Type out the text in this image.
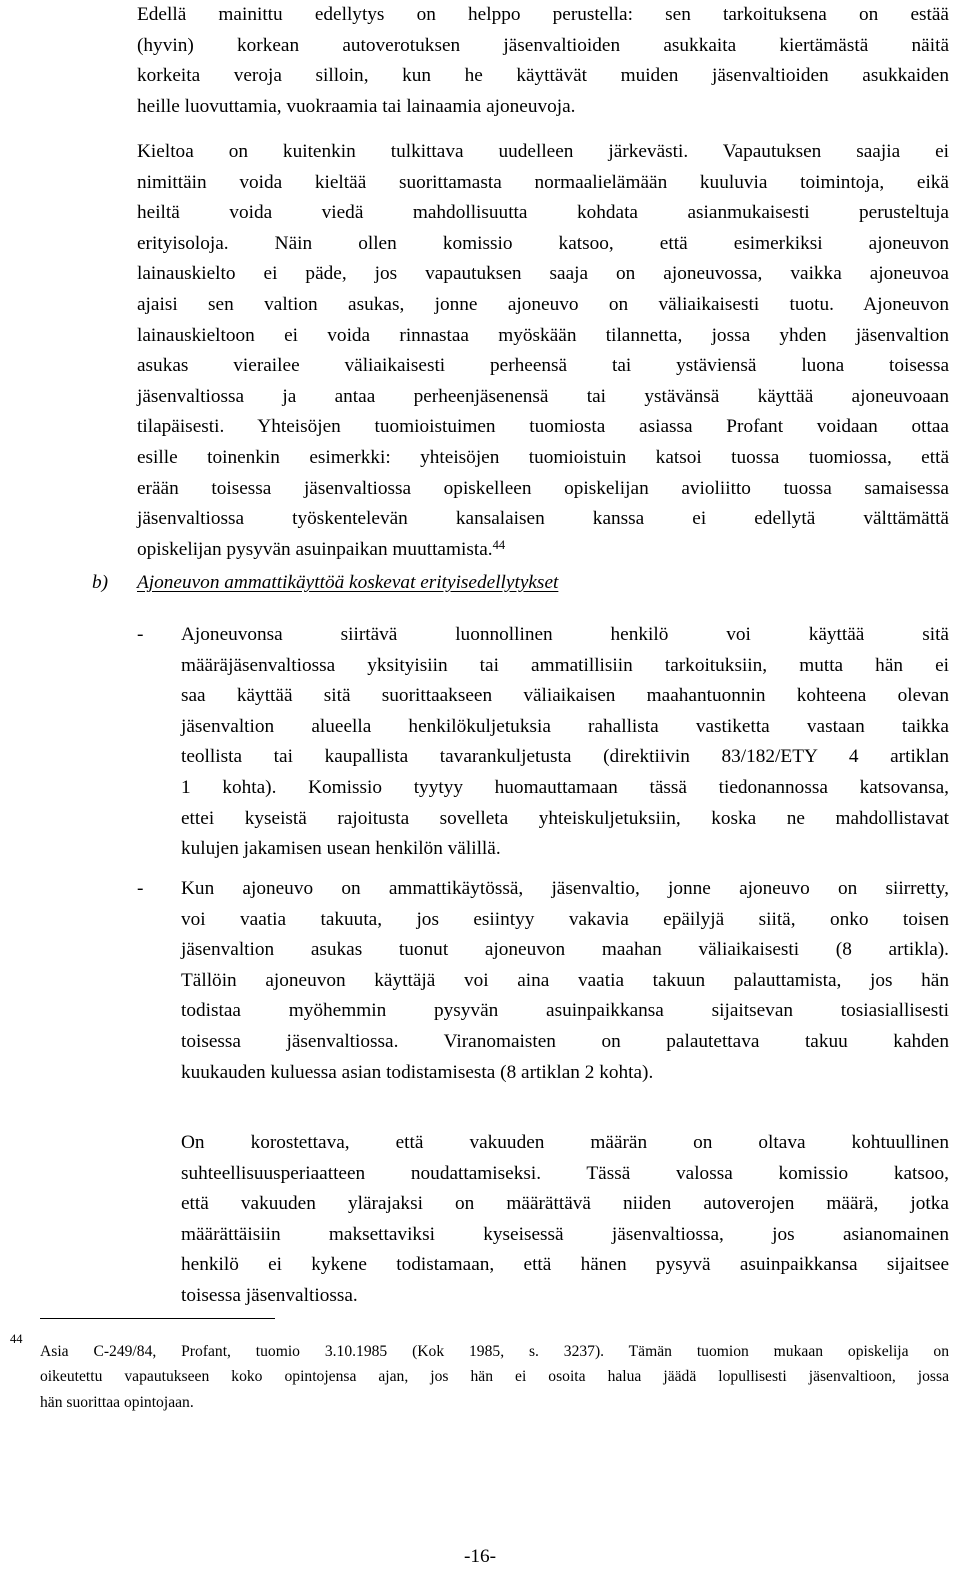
Edellä mainittu edellytys on helppo perustella: sen tarkoituksena on estää
(hyvin) korkean autoverotuksen jäsenvaltioiden asukkaita kiertämästä näitä
korkeita veroja silloin, kun he käyttävät muiden jäsenvaltioiden asukkaiden
heille luovuttamia, vuokraamia tai lainaamia ajoneuvoja.
Kieltoa on kuitenkin tulkittava uudelleen järkevästi. Vapautuksen saajia ei
nimittäin voida kieltää suorittamasta normaalielämään kuuluvia toimintoja, eikä
heiltä voida viedä mahdollisuutta kohdata asianmukaisesti perusteltuja
erityisoloja. Näin ollen komissio katsoo, että esimerkiksi ajoneuvon
lainauskielto ei päde, jos vapautuksen saaja on ajoneuvossa, vaikka ajoneuvoa
ajaisi sen valtion asukas, jonne ajoneuvo on väliaikaisesti tuotu. Ajoneuvon
lainauskieltoon ei voida rinnastaa myöskään tilannetta, jossa yhden jäsenvaltion
asukas vierailee väliaikaisesti perheensä tai ystäviensä luona toisessa
jäsenvaltiossa ja antaa perheenjäsenensä tai ystävänsä käyttää ajoneuvoaan
tilapäisesti. Yhteisöjen tuomioistuimen tuomiosta asiassa Profant voidaan ottaa
esille toinenkin esimerkki: yhteisöjen tuomioistuin katsoi tuossa tuomiossa, että
erään toisessa jäsenvaltiossa opiskelleen opiskelijan avioliitto tuossa samaisessa
jäsenvaltiossa työskentelevän kansalaisen kanssa ei edellytä välttämättä
opiskelijan pysyvän asuinpaikan muuttamista.$^{44}$
b) Ajoneuvon ammattikäyttöä koskevat erityisedellytykset
- Ajoneuvonsa siirtävä luonnollinen henkilö voi käyttää sitä
määräjäsenvaltiossa yksityisiin tai ammatillisiin tarkoituksiin, mutta hän ei
saa käyttää sitä suorittaakseen väliaikaisen maahantuonnin kohteena olevan
jäsenvaltion alueella henkilökuljetuksia rahallista vastiketta vastaan taikka
teollista tai kaupallista tavarankuljetusta (direktiivin 83/182/ETY 4 artiklan
1 kohta). Komissio tyytyy huomauttamaan tässä tiedonannossa katsovansa,
ettei kyseistä rajoitusta sovelleta yhteiskuljetuksiin, koska ne mahdollistavat
kulujen jakamisen usean henkilön välillä.
- Kun ajoneuvo on ammattikäytössä, jäsenvaltio, jonne ajoneuvo on siirretty,
voi vaatia takuuta, jos esiintyy vakavia epäilyjä siitä, onko toisen
jäsenvaltion asukas tuonut ajoneuvon maahan väliaikaisesti (8 artikla).
Tällöin ajoneuvon käyttäjä voi aina vaatia takuun palauttamista, jos hän
todistaa myöhemmin pysyvän asuinpaikkansa sijaitsevan tosiasiallisesti
toisessa jäsenvaltiossa. Viranomaisten on palautettava takuu kahden
kuukauden kuluessa asian todistamisesta (8 artiklan 2 kohta).
On korostettava, että vakuuden määrän on oltava kohtuullinen
suhteellisuusperiaatteen noudattamiseksi. Tässä valossa komissio katsoo,
että vakuuden ylärajaksi on määrättävä niiden autoverojen määrä, jotka
määrättäisiin maksettaviksi kyseisessä jäsenvaltiossa, jos asianomainen
henkilö ei kykene todistamaan, että hänen pysyvä asuinpaikkansa sijaitsee
toisessa jäsenvaltiossa.
44
Asia C-249/84, Profant, tuomio 3.10.1985 (Kok 1985, s. 3237). Tämän tuomion mukaan opiskelija on
oikeutettu vapautukseen koko opintojensa ajan, jos hän ei osoita halua jäädä lopullisesti jäsenvaltioon, jossa
hän suorittaa opintojaan.
-16-
